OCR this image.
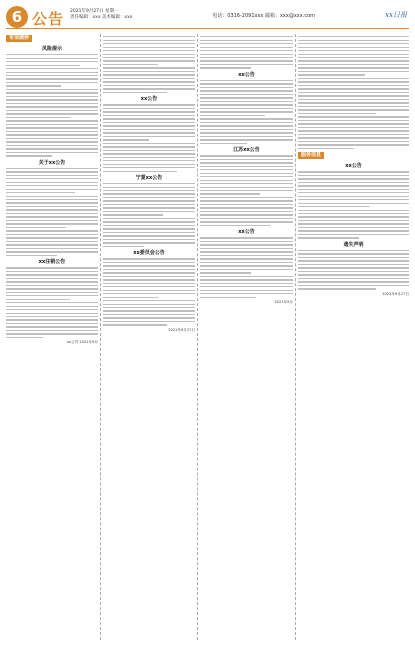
6 公告 2021年9月27日 星期一
责任编辑：xxx 美术编辑：xxx	电话：0316-2091xxx 邮箱：xxx@xxx.com	xx日报
专项债券
风险提示
关于xx公告
xx注销公告
xx公司 2021年9月
xx公告
宁夏xx公告
xx委员会公告
2021年9月27日
xx公告
江苏xx公告
xx公告
2021年9月
服务信息
xx公告
遗失声明
2021年9月27日
